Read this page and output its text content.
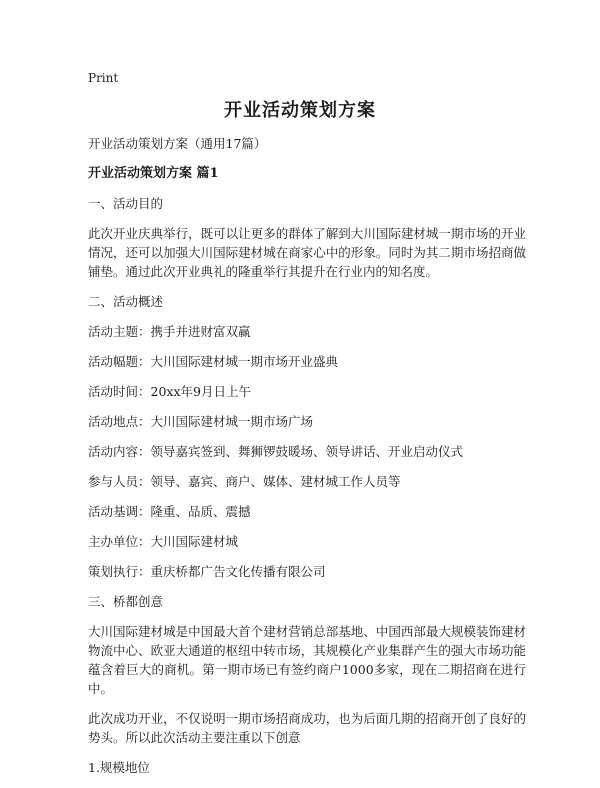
Print
开业活动策划方案

开业活动策划方案（通用17篇）

开业活动策划方案 篇1

一、活动目的

此次开业庆典举行，既可以让更多的群体了解到大川国际建材城一期市场的开业情况，还可以加强大川国际建材城在商家心中的形象。同时为其二期市场招商做铺垫。通过此次开业典礼的隆重举行其提升在行业内的知名度。

二、活动概述

活动主题：携手并进财富双赢

活动幅题：大川国际建材城一期市场开业盛典

活动时间：20xx年9月日上午

活动地点：大川国际建材城一期市场广场

活动内容：领导嘉宾签到、舞狮锣鼓暖场、领导讲话、开业启动仪式

参与人员：领导、嘉宾、商户、媒体、建材城工作人员等

活动基调：隆重、品质、震撼

主办单位：大川国际建材城

策划执行：重庆桥都广告文化传播有限公司

三、桥都创意

大川国际建材城是中国最大首个建材营销总部基地、中国西部最大规模装饰建材物流中心、欧亚大通道的枢纽中转市场，其规模化产业集群产生的强大市场功能蕴含着巨大的商机。第一期市场已有签约商户1000多家，现在二期招商在进行中。

此次成功开业，不仅说明一期市场招商成功，也为后面几期的招商开创了良好的势头。所以此次活动主要注重以下创意

1.规模地位
